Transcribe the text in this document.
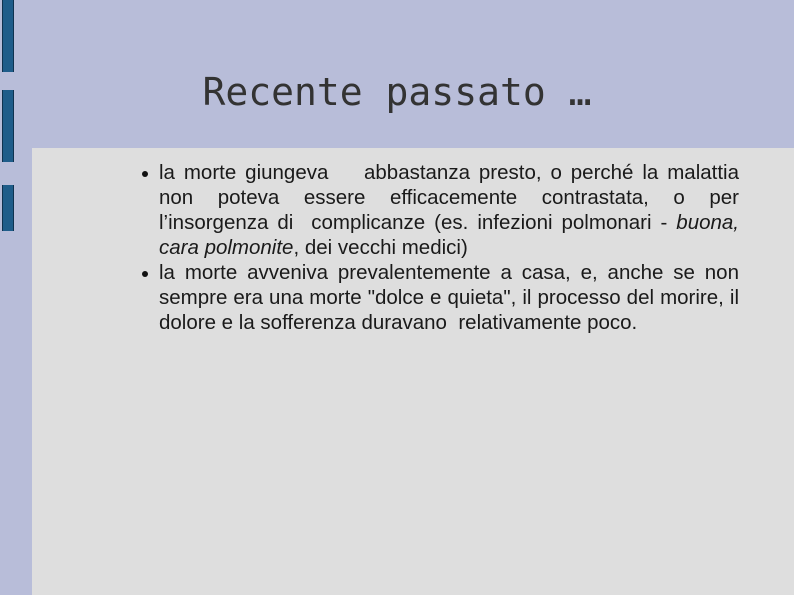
Recente passato …
la morte giungeva    abbastanza presto, o perché la malattia non poteva essere efficacemente contrastata, o per l’insorgenza di  complicanze (es. infezioni polmonari - buona, cara polmonite, dei vecchi medici)
la morte avveniva prevalentemente a casa, e, anche se non sempre era una morte "dolce e quieta", il processo del morire, il dolore e la sofferenza duravano  relativamente poco.
